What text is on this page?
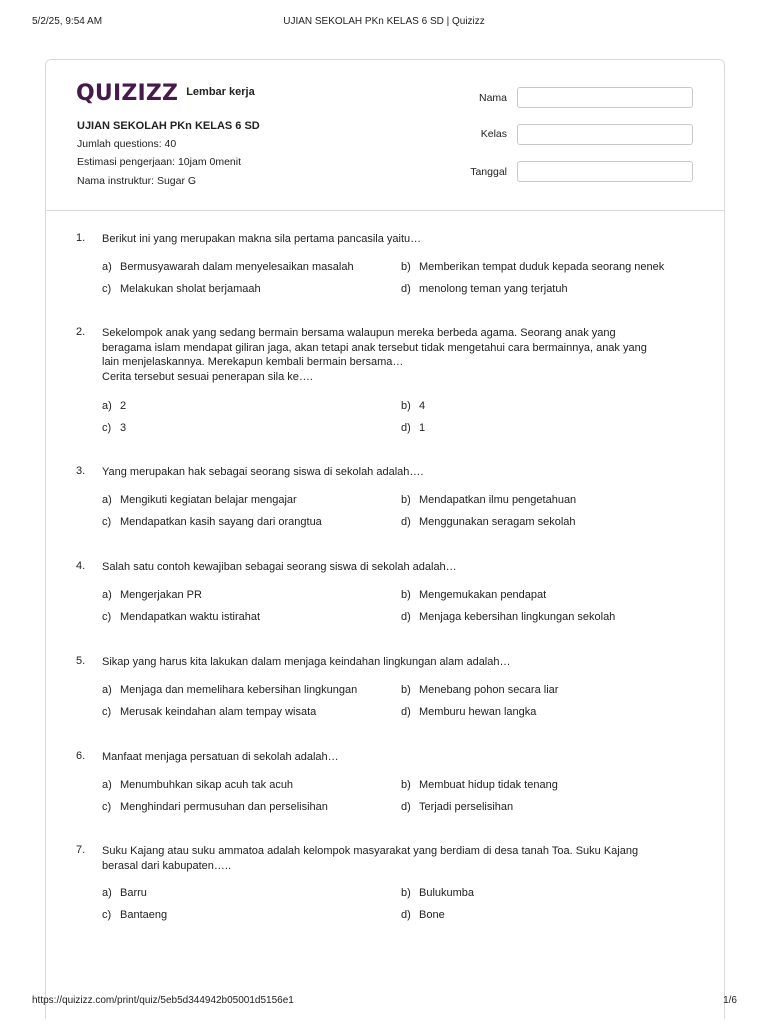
5/2/25, 9:54 AM	UJIAN SEKOLAH PKn KELAS 6 SD | Quizizz
QUIZIZZ Lembar kerja
UJIAN SEKOLAH PKn KELAS 6 SD
Jumlah questions: 40
Estimasi pengerjaan: 10jam 0menit
Nama instruktur: Sugar G
Nama
Kelas
Tanggal
1. Berikut ini yang merupakan makna sila pertama pancasila yaitu…
a) Bermusyawarah dalam menyelesaikan masalah	b) Memberikan tempat duduk kepada seorang nenek
c) Melakukan sholat berjamaah	d) menolong teman yang terjatuh
2. Sekelompok anak yang sedang bermain bersama walaupun mereka berbeda agama. Seorang anak yang
beragama islam mendapat giliran jaga, akan tetapi anak tersebut tidak mengetahui cara bermainnya, anak yang
lain menjelaskannya. Merekapun kembali bermain bersama…
Cerita tersebut sesuai penerapan sila ke….
a) 2	b) 4
c) 3	d) 1
3. Yang merupakan hak sebagai seorang siswa di sekolah adalah….
a) Mengikuti kegiatan belajar mengajar	b) Mendapatkan ilmu pengetahuan
c) Mendapatkan kasih sayang dari orangtua	d) Menggunakan seragam sekolah
4. Salah satu contoh kewajiban sebagai seorang siswa di sekolah adalah…
a) Mengerjakan PR	b) Mengemukakan pendapat
c) Mendapatkan waktu istirahat	d) Menjaga kebersihan lingkungan sekolah
5. Sikap yang harus kita lakukan dalam menjaga keindahan lingkungan alam adalah…
a) Menjaga dan memelihara kebersihan lingkungan	b) Menebang pohon secara liar
c) Merusak keindahan alam tempay wisata	d) Memburu hewan langka
6. Manfaat menjaga persatuan di sekolah adalah…
a) Menumbuhkan sikap acuh tak acuh	b) Membuat hidup tidak tenang
c) Menghindari permusuhan dan perselisihan	d) Terjadi perselisihan
7. Suku Kajang atau suku ammatoa adalah kelompok masyarakat yang berdiam di desa tanah Toa. Suku Kajang
berasal dari kabupaten…..
a) Barru	b) Bulukumba
c) Bantaeng	d) Bone
https://quizizz.com/print/quiz/5eb5d344942b05001d5156e1	1/6
